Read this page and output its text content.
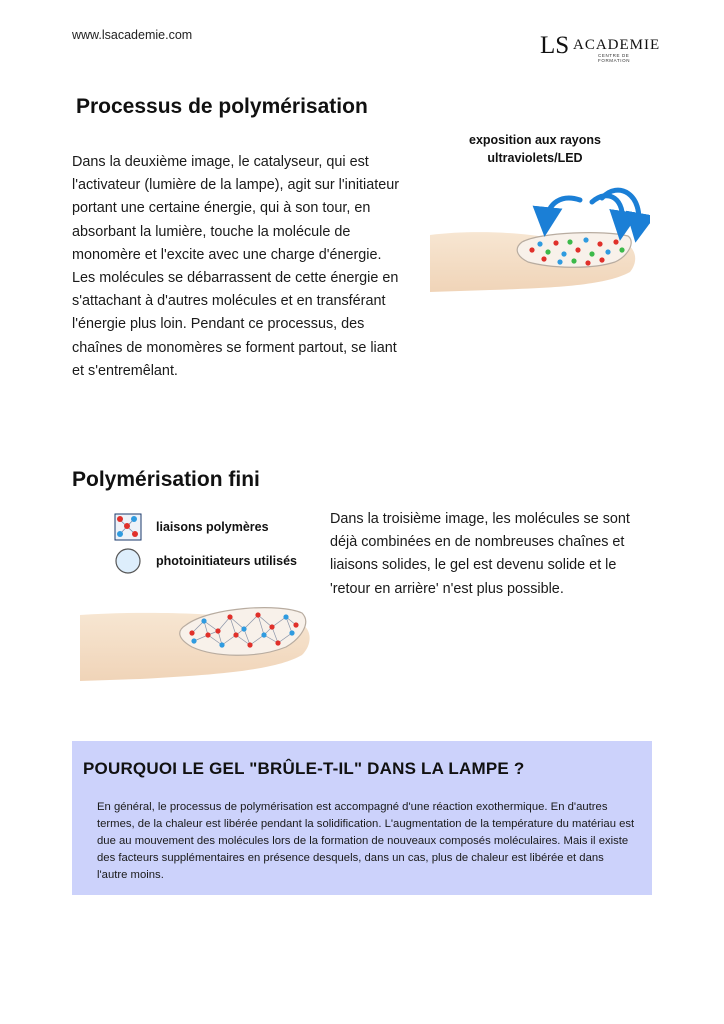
www.lsacademie.com	LS ACADEMIE
CENTRE DE FORMATION
Processus de polymérisation

Dans la deuxième image, le catalyseur, qui est l'activateur (lumière de la lampe), agit sur l'initiateur portant une certaine énergie, qui à son tour, en absorbant la lumière, touche la molécule de monomère et l'excite avec une charge d'énergie. Les molécules se débarrassent de cette énergie en s'attachant à d'autres molécules et en transférant l'énergie plus loin. Pendant ce processus, des chaînes de monomères se forment partout, se liant et s'entremêlant.

exposition aux rayons
ultraviolets/LED
Polymérisation fini
liaisons polymères
photoinitiateurs utilisés

Dans la troisième image, les molécules se sont déjà combinées en de nombreuses chaînes et liaisons solides, le gel est devenu solide et le 'retour en arrière' n'est plus possible.

POURQUOI LE GEL "BRÛLE-T-IL" DANS LA LAMPE ?

En général, le processus de polymérisation est accompagné d'une réaction exothermique. En d'autres termes, de la chaleur est libérée pendant la solidification. L'augmentation de la température du matériau est due au mouvement des molécules lors de la formation de nouveaux composés moléculaires. Mais il existe des facteurs supplémentaires en présence desquels, dans un cas, plus de chaleur est libérée et dans l'autre moins.
